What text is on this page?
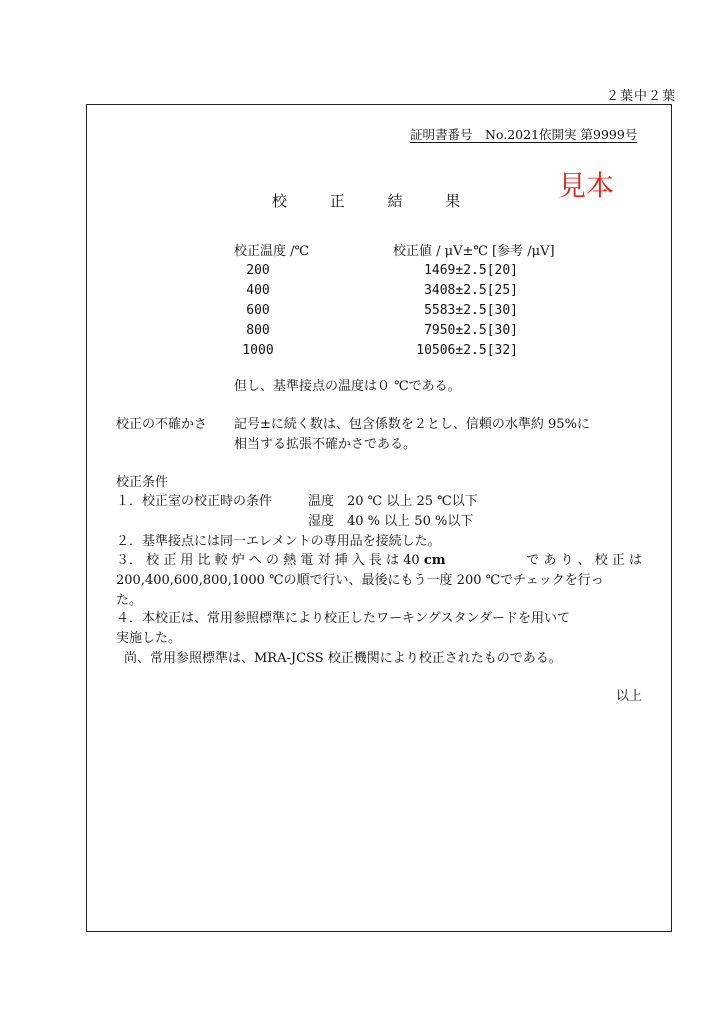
２葉中２葉
証明書番号　No.2021依開実 第9999号
見本
校 正 結 果
校正温度 /℃	校正値 / μV±℃ [参考 /μV]
200	1469±2.5[20]
400	3408±2.5[25]
600	5583±2.5[30]
800	7950±2.5[30]
1000	10506±2.5[32]
但し、基準接点の温度は０ ℃である。
校正の不確かさ 記号±に続く数は、包含係数を２とし、信頼の水準約 95%に
相当する拡張不確かさである。
校正条件
１．校正室の校正時の条件	温度　20 ℃ 以上 25 ℃以下
湿度　40 % 以上 50 %以下
２．基準接点には同一エレメントの専用品を接続した。
３． 校 正 用 比 較 炉 へ の 熱 電 対 挿 入 長 は 40 cm	で あ り 、 校 正 は
200,400,600,800,1000 ℃の順で行い、最後にもう一度 200 ℃でチェックを行っ
た。
４．本校正は、常用参照標準により校正したワーキングスタンダードを用いて
実施した。
尚、常用参照標準は、MRA-JCSS 校正機関により校正されたものである。
以上
